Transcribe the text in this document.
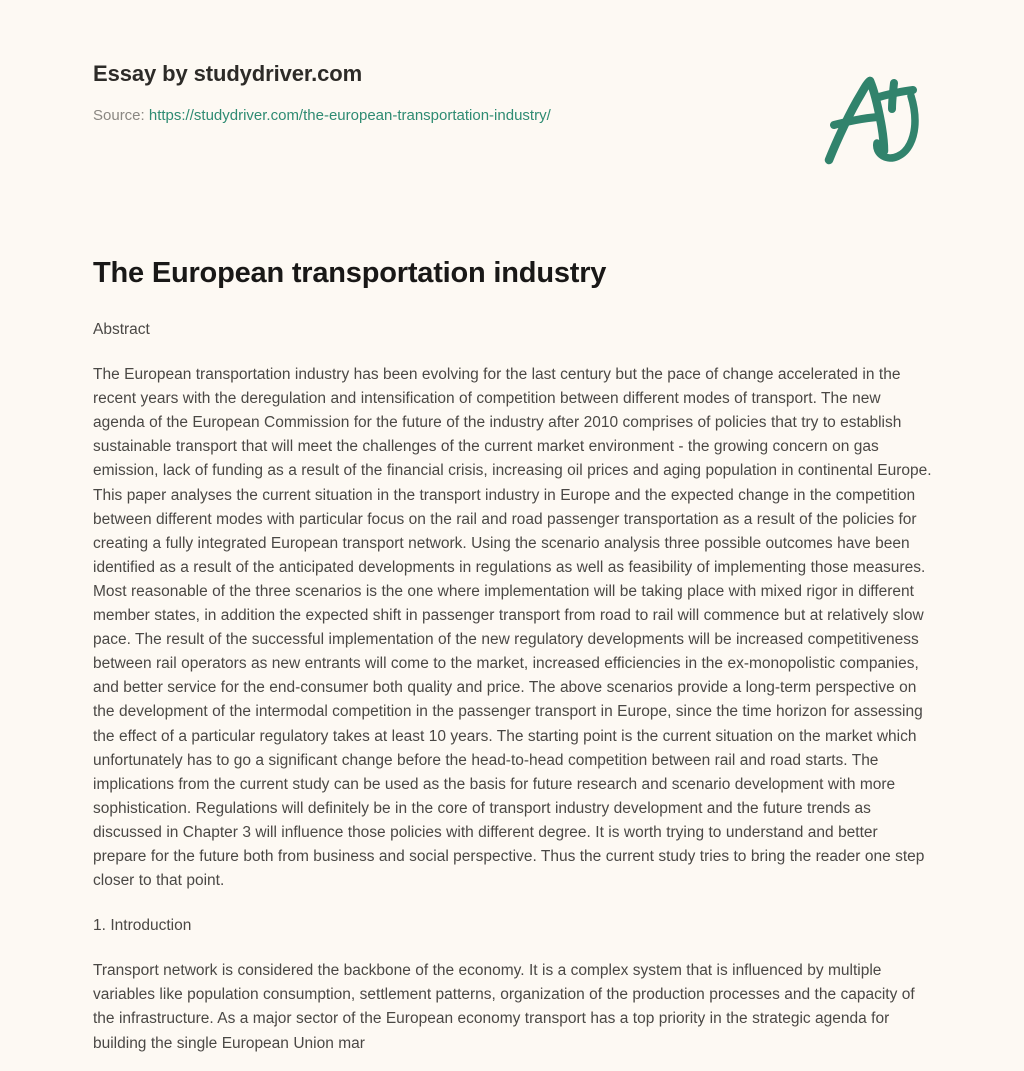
Essay by studydriver.com
Source: https://studydriver.com/the-european-transportation-industry/
The European transportation industry

Abstract

The European transportation industry has been evolving for the last century but the pace of change accelerated in the recent years with the deregulation and intensification of competition between different modes of transport. The new agenda of the European Commission for the future of the industry after 2010 comprises of policies that try to establish sustainable transport that will meet the challenges of the current market environment - the growing concern on gas emission, lack of funding as a result of the financial crisis, increasing oil prices and aging population in continental Europe. This paper analyses the current situation in the transport industry in Europe and the expected change in the competition between different modes with particular focus on the rail and road passenger transportation as a result of the policies for creating a fully integrated European transport network. Using the scenario analysis three possible outcomes have been identified as a result of the anticipated developments in regulations as well as feasibility of implementing those measures. Most reasonable of the three scenarios is the one where implementation will be taking place with mixed rigor in different member states, in addition the expected shift in passenger transport from road to rail will commence but at relatively slow pace. The result of the successful implementation of the new regulatory developments will be increased competitiveness between rail operators as new entrants will come to the market, increased efficiencies in the ex-monopolistic companies, and better service for the end-consumer both quality and price. The above scenarios provide a long-term perspective on the development of the intermodal competition in the passenger transport in Europe, since the time horizon for assessing the effect of a particular regulatory takes at least 10 years. The starting point is the current situation on the market which unfortunately has to go a significant change before the head-to-head competition between rail and road starts. The implications from the current study can be used as the basis for future research and scenario development with more sophistication. Regulations will definitely be in the core of transport industry development and the future trends as discussed in Chapter 3 will influence those policies with different degree. It is worth trying to understand and better prepare for the future both from business and social perspective. Thus the current study tries to bring the reader one step closer to that point.

1. Introduction

Transport network is considered the backbone of the economy. It is a complex system that is influenced by multiple variables like population consumption, settlement patterns, organization of the production processes and the capacity of the infrastructure. As a major sector of the European economy transport has a top priority in the strategic agenda for building the single European Union mar
